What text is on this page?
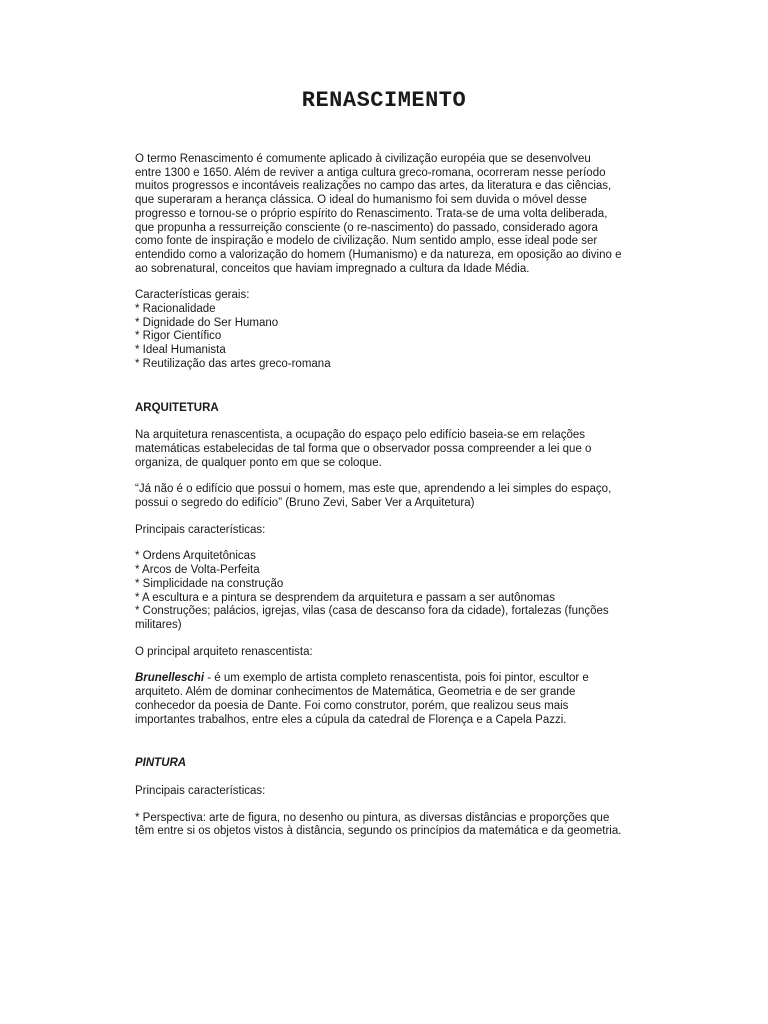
RENASCIMENTO

O termo Renascimento é comumente aplicado à civilização européia que se desenvolveu
entre 1300 e 1650. Além de reviver a antiga cultura greco-romana, ocorreram nesse período
muitos progressos e incontáveis realizações no campo das artes, da literatura e das ciências,
que superaram a herança clássica. O ideal do humanismo foi sem duvida o móvel desse
progresso e tornou-se o próprio espírito do Renascimento. Trata-se de uma volta deliberada,
que propunha a ressurreição consciente (o re-nascimento) do passado, considerado agora
como fonte de inspiração e modelo de civilização. Num sentido amplo, esse ideal pode ser
entendido como a valorização do homem (Humanismo) e da natureza, em oposição ao divino e
ao sobrenatural, conceitos que haviam impregnado a cultura da Idade Média.

Características gerais:

* Racionalidade
* Dignidade do Ser Humano
* Rigor Científico
* Ideal Humanista
* Reutilização das artes greco-romana

ARQUITETURA

Na arquitetura renascentista, a ocupação do espaço pelo edifício baseia-se em relações
matemáticas estabelecidas de tal forma que o observador possa compreender a lei que o
organiza, de qualquer ponto em que se coloque.

“Já não é o edifício que possui o homem, mas este que, aprendendo a lei simples do espaço,
possui o segredo do edifício” (Bruno Zevi, Saber Ver a Arquitetura)

Principais características:

* Ordens Arquitetônicas
* Arcos de Volta-Perfeita
* Simplicidade na construção
* A escultura e a pintura se desprendem da arquitetura e passam a ser autônomas
* Construções; palácios, igrejas, vilas (casa de descanso fora da cidade), fortalezas (funções
militares)

O principal arquiteto renascentista:

Brunelleschi - é um exemplo de artista completo renascentista, pois foi pintor, escultor e
arquiteto. Além de dominar conhecimentos de Matemática, Geometria e de ser grande
conhecedor da poesia de Dante. Foi como construtor, porém, que realizou seus mais
importantes trabalhos, entre eles a cúpula da catedral de Florença e a Capela Pazzi.

PINTURA

Principais características:

* Perspectiva: arte de figura, no desenho ou pintura, as diversas distâncias e proporções que
têm entre si os objetos vistos à distância, segundo os princípios da matemática e da geometria.
